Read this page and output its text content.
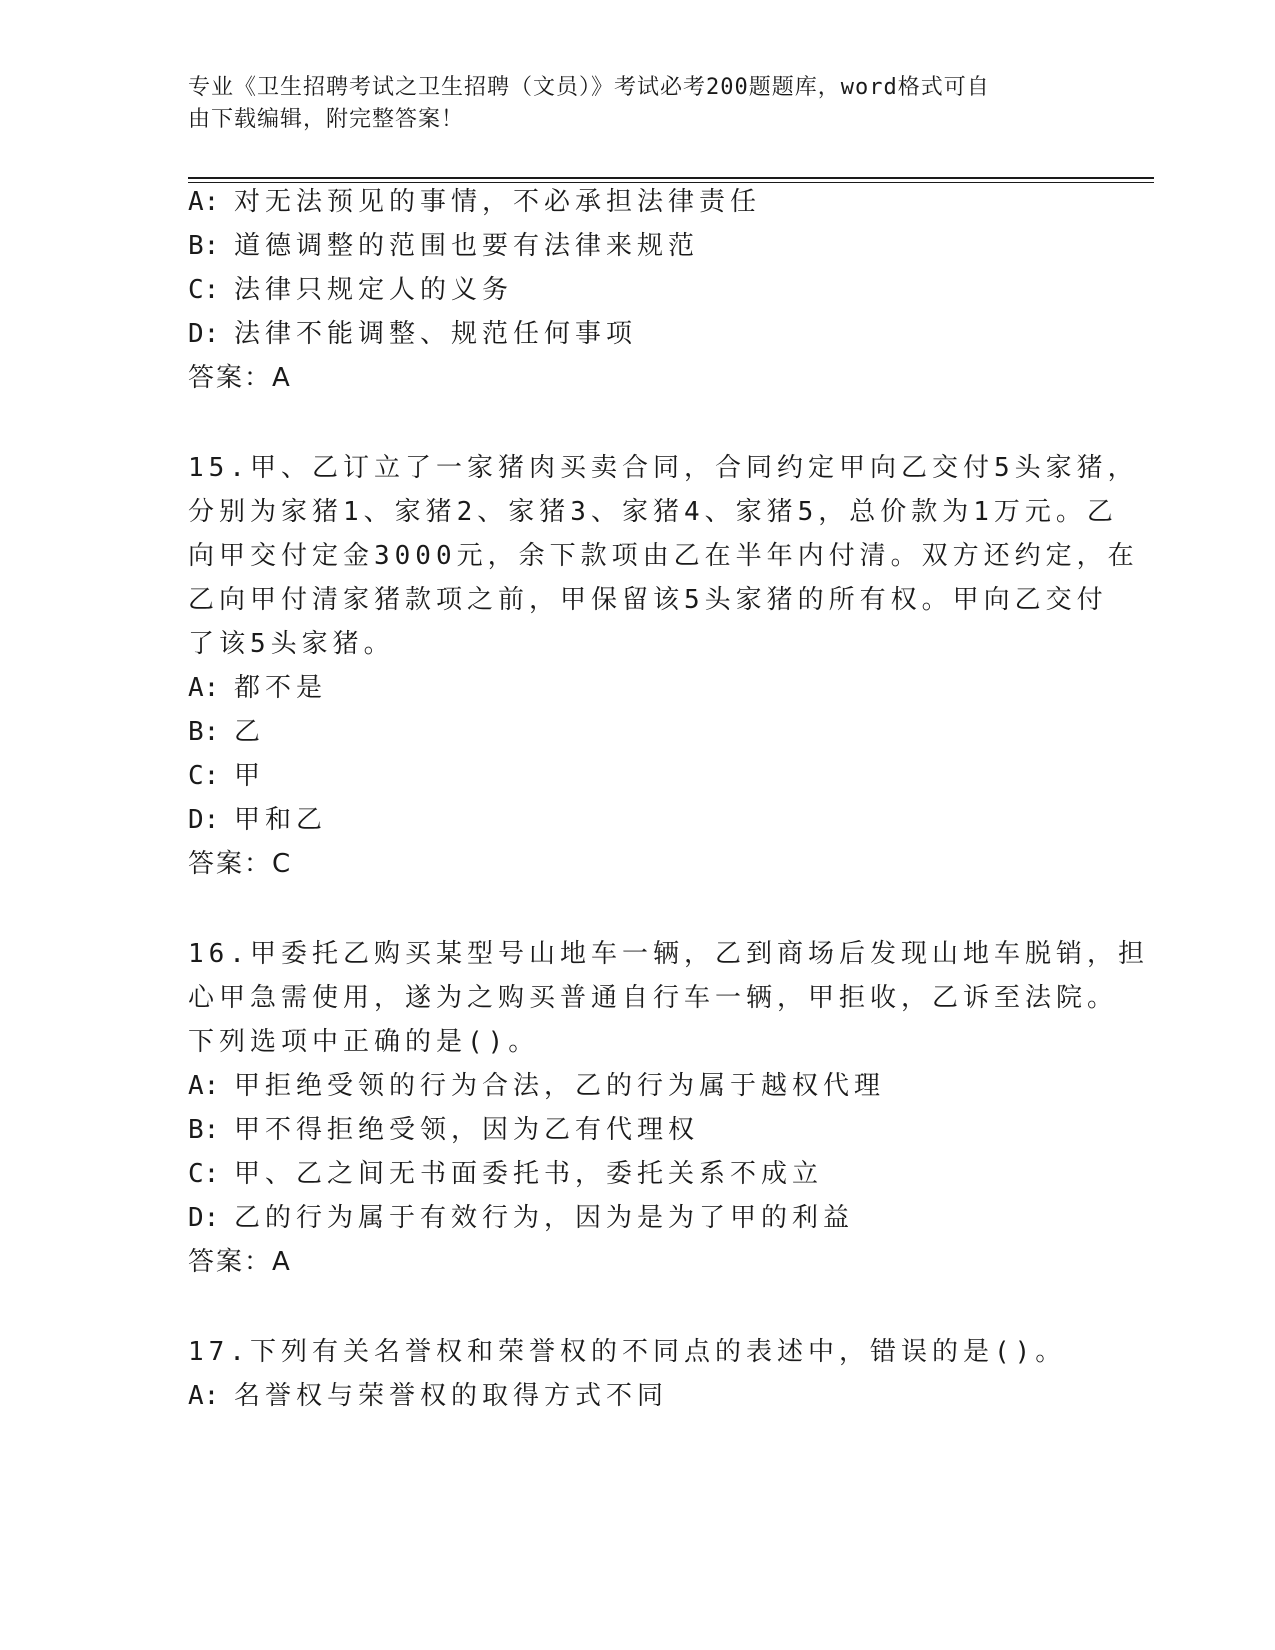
专业《卫生招聘考试之卫生招聘（文员）》考试必考200题题库，word格式可自
由下载编辑，附完整答案！
A: 对无法预见的事情，不必承担法律责任
B: 道德调整的范围也要有法律来规范
C: 法律只规定人的义务
D: 法律不能调整、规范任何事项
答案：A
15.甲、乙订立了一家猪肉买卖合同，合同约定甲向乙交付5头家猪，
分别为家猪1、家猪2、家猪3、家猪4、家猪5，总价款为1万元。乙
向甲交付定金3000元，余下款项由乙在半年内付清。双方还约定，在
乙向甲付清家猪款项之前，甲保留该5头家猪的所有权。甲向乙交付
了该5头家猪。
A: 都不是
B: 乙
C: 甲
D: 甲和乙
答案：C
16.甲委托乙购买某型号山地车一辆，乙到商场后发现山地车脱销，担
心甲急需使用，遂为之购买普通自行车一辆，甲拒收，乙诉至法院。
下列选项中正确的是()。
A: 甲拒绝受领的行为合法，乙的行为属于越权代理
B: 甲不得拒绝受领，因为乙有代理权
C: 甲、乙之间无书面委托书，委托关系不成立
D: 乙的行为属于有效行为，因为是为了甲的利益
答案：A
17.下列有关名誉权和荣誉权的不同点的表述中，错误的是()。
A: 名誉权与荣誉权的取得方式不同
